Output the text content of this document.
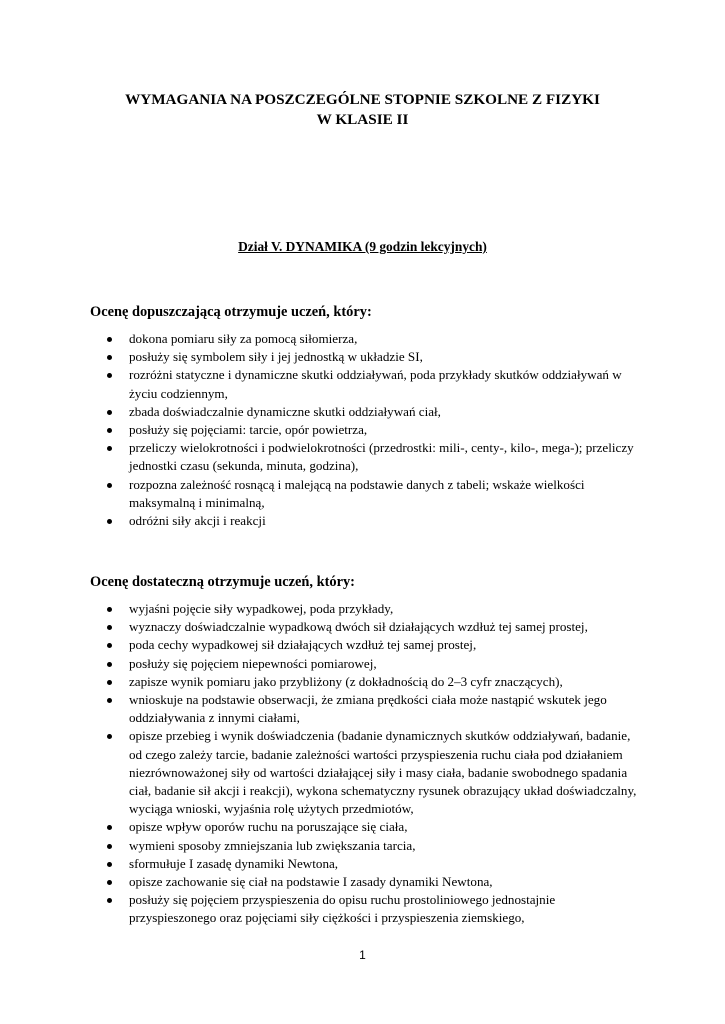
WYMAGANIA NA POSZCZEGÓLNE STOPNIE SZKOLNE Z FIZYKI
W KLASIE II
Dział V. DYNAMIKA (9 godzin lekcyjnych)
Ocenę dopuszczającą otrzymuje uczeń, który:
dokona pomiaru siły za pomocą siłomierza,
posłuży się symbolem siły i jej jednostką w układzie SI,
rozróżni statyczne i dynamiczne skutki oddziaływań, poda przykłady skutków oddziaływań w życiu codziennym,
zbada doświadczalnie dynamiczne skutki oddziaływań ciał,
posłuży się pojęciami: tarcie, opór powietrza,
przeliczy wielokrotności i podwielokrotności (przedrostki: mili-, centy-, kilo-, mega-); przeliczy jednostki czasu (sekunda, minuta, godzina),
rozpozna zależność rosnącą i malejącą na podstawie danych z tabeli; wskaże wielkości maksymalną i minimalną,
odróżni siły akcji i reakcji
Ocenę dostateczną otrzymuje uczeń, który:
wyjaśni pojęcie siły wypadkowej, poda przykłady,
wyznaczy doświadczalnie wypadkową dwóch sił działających wzdłuż tej samej prostej,
poda cechy wypadkowej sił działających wzdłuż tej samej prostej,
posłuży się pojęciem niepewności pomiarowej,
zapisze wynik pomiaru jako przybliżony (z dokładnością do 2–3 cyfr znaczących),
wnioskuje na podstawie obserwacji, że zmiana prędkości ciała może nastąpić wskutek jego oddziaływania z innymi ciałami,
opisze przebieg i wynik doświadczenia (badanie dynamicznych skutków oddziaływań, badanie, od czego zależy tarcie, badanie zależności wartości przyspieszenia ruchu ciała pod działaniem niezrównoważonej siły od wartości działającej siły i masy ciała, badanie swobodnego spadania ciał, badanie sił akcji i reakcji), wykona schematyczny rysunek obrazujący układ doświadczalny, wyciąga wnioski, wyjaśnia rolę użytych przedmiotów,
opisze wpływ oporów ruchu na poruszające się ciała,
wymieni sposoby zmniejszania lub zwiększania tarcia,
sformułuje I zasadę dynamiki Newtona,
opisze zachowanie się ciał na podstawie I zasady dynamiki Newtona,
posłuży się pojęciem przyspieszenia do opisu ruchu prostoliniowego jednostajnie przyspieszonego oraz pojęciami siły ciężkości i przyspieszenia ziemskiego,
1
